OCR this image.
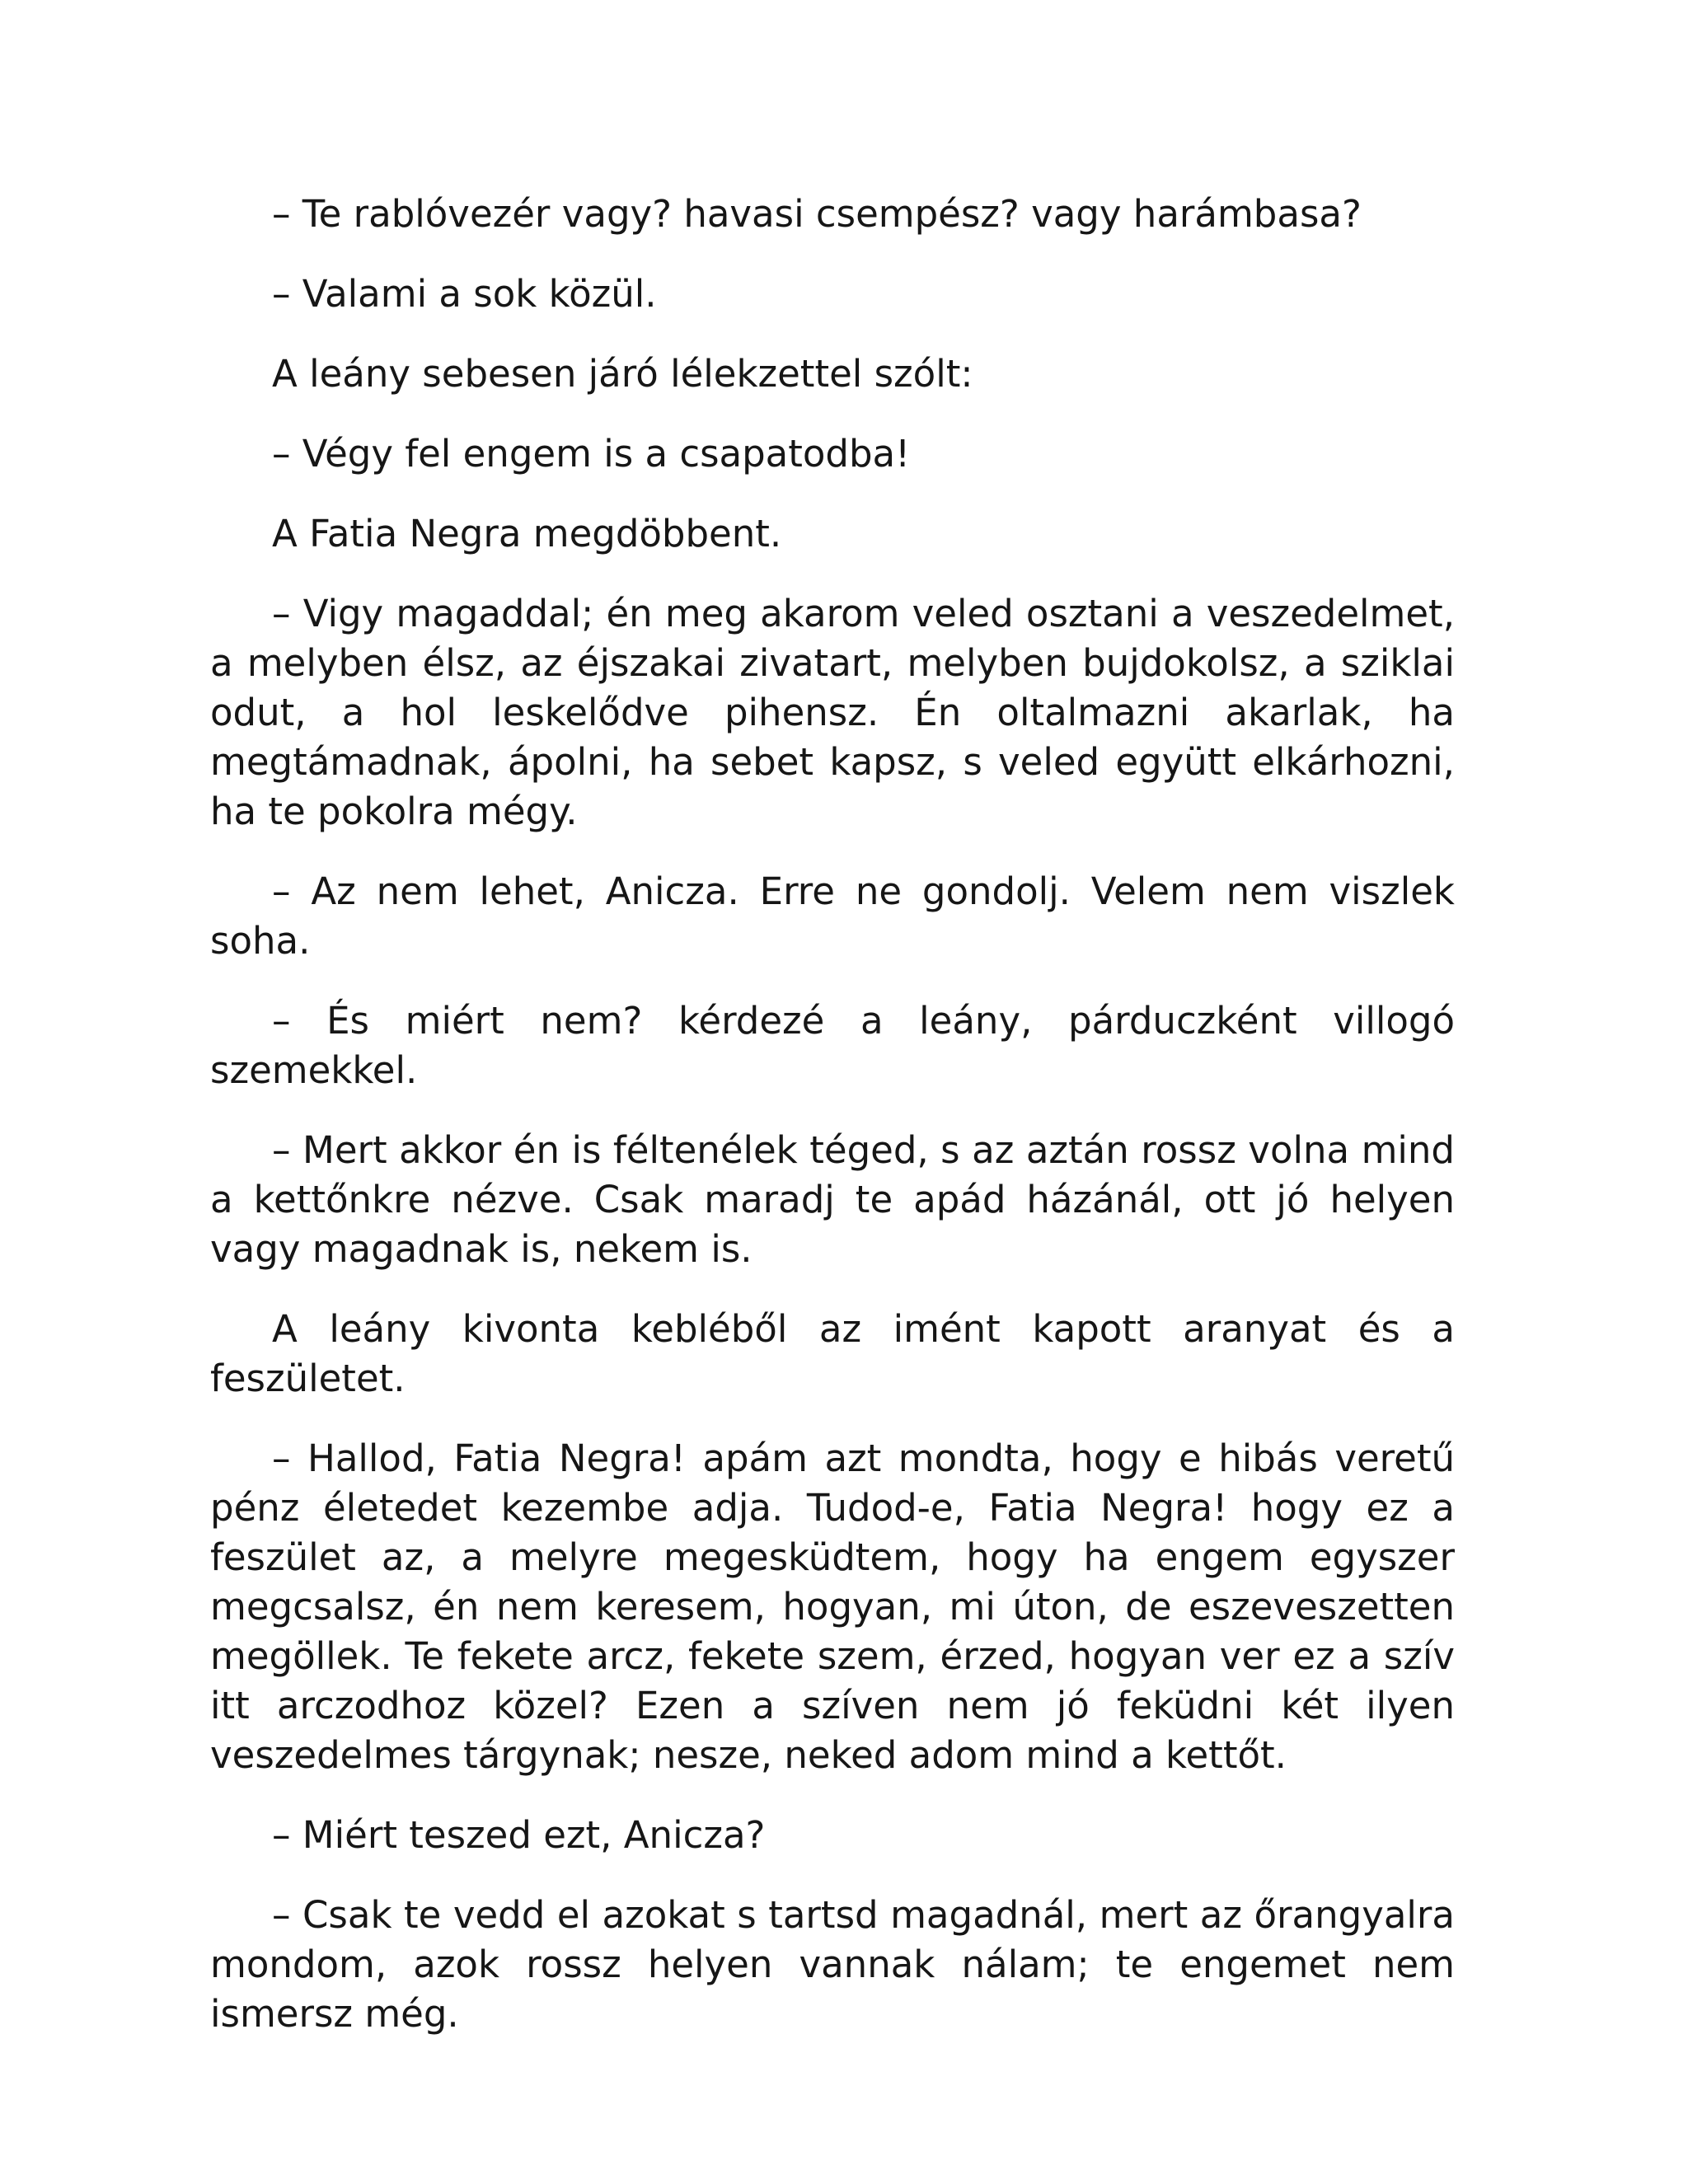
– Te rablóvezér vagy? havasi csempész? vagy harámbasa?

– Valami a sok közül.

A leány sebesen járó lélekzettel szólt:

– Végy fel engem is a csapatodba!

A Fatia Negra megdöbbent.

– Vigy magaddal; én meg akarom veled osztani a veszedelmet, a melyben élsz, az éjszakai zivatart, melyben bujdokolsz, a sziklai odut, a hol leskelődve pihensz. Én oltalmazni akarlak, ha megtámadnak, ápolni, ha sebet kapsz, s veled együtt elkárhozni, ha te pokolra mégy.

– Az nem lehet, Anicza. Erre ne gondolj. Velem nem viszlek soha.

– És miért nem? kérdezé a leány, párduczként villogó szemekkel.

– Mert akkor én is féltenélek téged, s az aztán rossz volna mind a kettőnkre nézve. Csak maradj te apád házánál, ott jó helyen vagy magadnak is, nekem is.

A leány kivonta kebléből az imént kapott aranyat és a feszületet.

– Hallod, Fatia Negra! apám azt mondta, hogy e hibás veretű pénz életedet kezembe adja. Tudod-e, Fatia Negra! hogy ez a feszület az, a melyre megesküdtem, hogy ha engem egyszer megcsalsz, én nem keresem, hogyan, mi úton, de eszeveszetten megöllek. Te fekete arcz, fekete szem, érzed, hogyan ver ez a szív itt arczodhoz közel? Ezen a szíven nem jó feküdni két ilyen veszedelmes tárgynak; nesze, neked adom mind a kettőt.

– Miért teszed ezt, Anicza?

– Csak te vedd el azokat s tartsd magadnál, mert az őrangyalra mondom, azok rossz helyen vannak nálam; te engemet nem ismersz még.
